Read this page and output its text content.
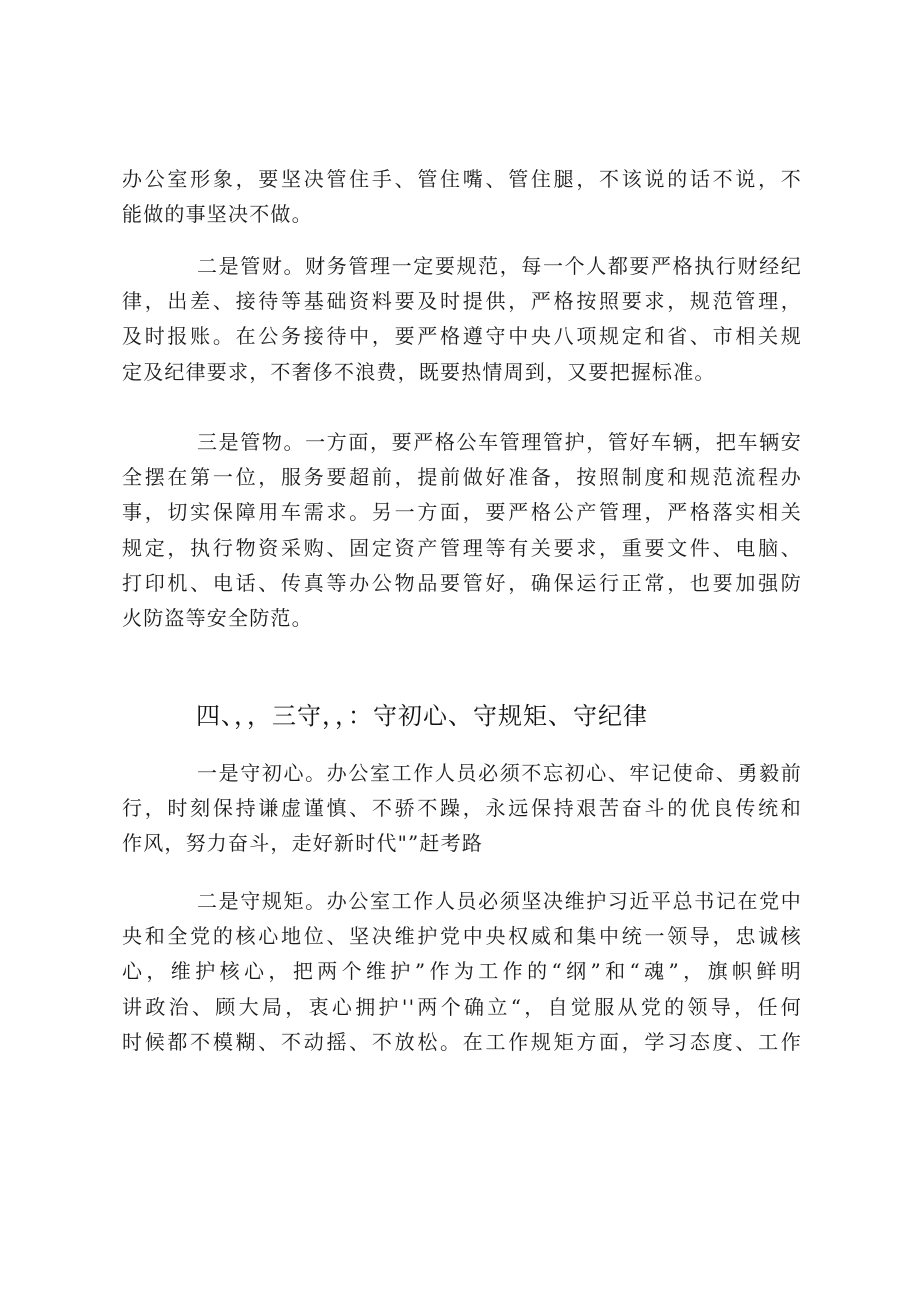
办公室形象，要坚决管住手、管住嘴、管住腿，不该说的话不说，不
能做的事坚决不做。
二是管财。财务管理一定要规范，每一个人都要严格执行财经纪
律，出差、接待等基础资料要及时提供，严格按照要求，规范管理，
及时报账。在公务接待中，要严格遵守中央八项规定和省、市相关规
定及纪律要求，不奢侈不浪费，既要热情周到，又要把握标准。
三是管物。一方面，要严格公车管理管护，管好车辆，把车辆安
全摆在第一位，服务要超前，提前做好准备，按照制度和规范流程办
事，切实保障用车需求。另一方面，要严格公产管理，严格落实相关
规定，执行物资采购、固定资产管理等有关要求，重要文件、电脑、
打印机、电话、传真等办公物品要管好，确保运行正常，也要加强防
火防盗等安全防范。
四、，，三守，，：守初心、守规矩、守纪律
一是守初心。办公室工作人员必须不忘初心、牢记使命、勇毅前
行，时刻保持谦虚谨慎、不骄不躁，永远保持艰苦奋斗的优良传统和
作风，努力奋斗，走好新时代"”赶考路
二是守规矩。办公室工作人员必须坚决维护习近平总书记在党中
央和全党的核心地位、坚决维护党中央权威和集中统一领导，忠诚核
心，维护核心，把两个维护”作为工作的“纲”和“魂”，旗帜鲜明
讲政治、顾大局，衷心拥护''两个确立“，自觉服从党的领导，任何
时候都不模糊、不动摇、不放松。在工作规矩方面，学习态度、工作
